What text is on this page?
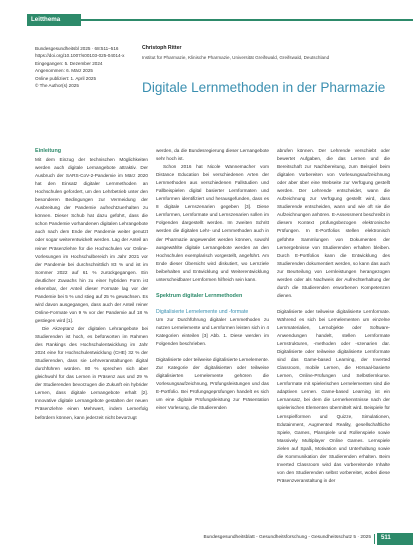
Leitthema
Bundesgesundheitsbl 2025 · 68:511–516
https://doi.org/10.1007/s00103-025-04014-x
Eingegangen: 5. Dezember 2024
Angenommen: 6. März 2025
Online publiziert: 1. April 2025
© The Author(s) 2025
Christoph Ritter
Institut für Pharmazie, Klinische Pharmazie, Universität Greifswald, Greifswald, Deutschland
Digitale Lernmethoden in der Pharmazie
Einleitung

Mit dem Einzug der technischen Möglichkeiten werden auch digitale Lernangebote attraktiv. Der Ausbruch der SARS-CoV-2-Pandemie im März 2020 hat den Einsatz digitaler Lernmethoden an Hochschulen gefordert, um den Lehrbetrieb unter den besonderen Bedingungen zur Vermeidung der Ausbreitung der Pandemie aufrechtzuerhalten zu können. Dieser Schub hat dazu geführt, dass die schon Pandemie vorhandenen digitalen Lehrangebote auch nach dem Ende der Pandemie weiter genutzt oder sogar weiterentwickelt werden. Lag der Anteil an reiner Präsenzlehre für die Hochschulen vor Online-Vorlesungen im Hochschulbereich im Jahr 2021 vor der Pandemie bei durchschnittlich 83 % und ist im Sommer 2022 auf 61 % zurückgegangen. Ein deutlicher Zuwachs hin zu einer hybriden Form ist erkennbar, der Anteil dieser Formate lag vor der Pandemie bei 5 % und stieg auf 25 % gewachsen. Es wird davon ausgegangen, dass auch der Anteil reiner Online-Formate von 9 % vor der Pandemie auf 18 % gestiegen wird [1].

Die Akzeptanz der digitalen Lehrangebote bei Studierenden ist hoch, es befürworten im Rahmen des Rankings des Hochschulentwicklung im Jahr 2024 eine für Hochschulentwicklung (CHE) 32 % der Studierenden, dass sie Lehrveranstaltungen digital durchführen würden. 80 % sprechen sich aber gleichwohl für das Lernen in Präsenz aus und 29 % der Studierenden bevorzugen die Zukunft ein hybrider Lernen, dass digitale Lernangebote erhalt [2]. Innovative digitale Lernangebote gestalten der neuen Präsenzlehre einen Mehrwert, indem Lernerfolg befördern können, kann jederzeit nicht bevorzugt

werden, da die Bundesregierung dieser Lernangebote sehr hoch ist.

Schon 2016 hat Nicole Wannemacher vom Distance Education bei verschiedenen Arten der Lernmethoden aus verschiedenen Fallstudien und Fallbeispielen digital basierter Lernformaten und Lernformen identifiziert und herausgefunden, dass es 8 digitale Lernszenarien gegeben [3]. Diese Lernformen, Lernformate und Lernszenarien sollen im Folgenden dargestellt werden. Im zweiten Schritt werden die digitalen Lehr- und Lernmethoden auch in der Pharmazie angewendet werden können, sowohl ausgewählte digitale Lernangebote werden an den Hochschulen exemplarisch vorgestellt, angeführt. Am Ende dieser Übersicht wird diskutiert, wo Lernziele beibehalten und Entwicklung und Weiterentwicklung unterscheidbarer Lernformen hilfreich sein kann.

Spektrum digitaler Lernmethoden
Digitalisierte Lernelemente und -formate

Um zur Durchführung digitaler Lernmethoden zu nutzen Lernelemente und Lernformen leisten sich in 4 Kategorien einteilen [3] Abb. 1. Diese werden im Folgenden beschrieben.

Digitalisierte oder teilweise digitalisierte Lernelemente. Zur Kategorie der digitalisierten oder teilweise digitalisierten Lernelemente gehören die Vorlesungsaufzeichnung, Prüfungsleistungen und das E-Portfolio. Bei Prüfungsgeprüfungen handelt es sich um eine digitale Prüfungsleistung zur Präsentation einer Vorlesung, die Studierenden

abrufen können. Der Lehrende verschiebt oder bewertet Aufgaben, die das Lernen und die Bereitschaft zur Nachbereitung, zum Beispiel beim digitalen Vorbereiten von Vorlesungsaufzeichnung oder aber über eine Webseite zur Verfügung gestellt werden. Der Lehrende entscheidet, wann die Aufzeichnung zur Verfügung gestellt wird, dass Studierende entscheiden, wann und wie oft sie die Aufzeichnungen anhören. E-Assessment beschreibt in diesem Kontext prüfungsbezogen elektronische Prüfungen. In E-Portfolios stellen elektronisch geführte Sammlungen von Dokumenten der Lernergebnisse von Studierenden erhalten bleiben. Durch E-Portfolios kann die Entwicklung des Studierenden dokumentiert werden, so kann das auch zur Beurteilung von Lernleistungen herangezogen werden oder als Nachweis der Aufrechterhaltung der durch die Studierenden erworbenen Kompetenzen dienen.

Digitalisierte oder teilweise digitalisierte Lernformate. Während es sich bei Lernelementen um einzelne Lernmaterialien, Lernobjekte oder Software-Anwendungen handelt, stellen Lernformate Lernstrukturen, -methoden oder -szenarien dar. Digitalisierte oder teilweise digitalisierte Lernformate sind das Game-based Learning, der Inverted Classroom, mobile Lernen, die Hörsaal-basierte Lernen, Online-Prüfungen und Selbstlernkurse. Lernformate mit spielerischen Lernelementen sind die adaptiven Lernen. Game-based Learning ist ein Lernansatz, bei dem die Lernerkenntnisse nach der spielerischen Elementen übermittelt wird. Beispiele für Lernspielformen und Quizze, Simulationen, Edutainment, Augmented Reality, gesellschaftliche Spiele, Games, Planspiele und Rollenspiele sowie Massively Multiplayer Online Games. Lernspiele zielen auf Spaß, Motivation und Unterhaltung sowie die Kommunikation der Studierenden erhalten. Beim Inverted Classroom wird das vorbereitende Inhalte von den Studierenden selbst vorbereitet, wobei diese Präsenzveranstaltung in der

Bundesgesundheitsblatt - Gesundheitsforschung - Gesundheitsschutz 5 · 2025 511
